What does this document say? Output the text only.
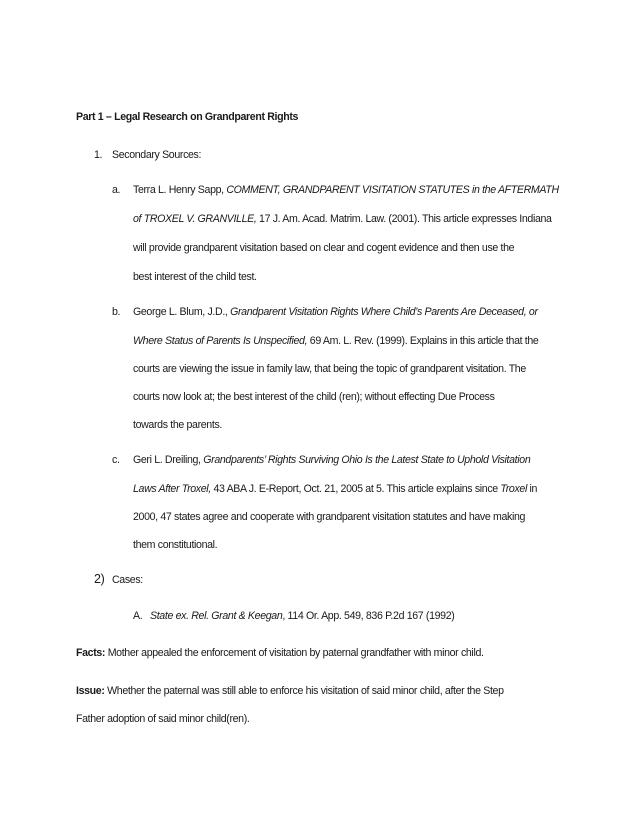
Part 1 – Legal Research on Grandparent Rights
1. Secondary Sources:
a. Terra L. Henry Sapp, COMMENT, GRANDPARENT VISITATION STATUTES in the AFTERMATH
of TROXEL V. GRANVILLE, 17 J. Am. Acad. Matrim. Law. (2001). This article expresses Indiana
will provide grandparent visitation based on clear and cogent evidence and then use the
best interest of the child test.
b. George L. Blum, J.D., Grandparent Visitation Rights Where Child’s Parents Are Deceased, or
Where Status of Parents Is Unspecified, 69 Am. L. Rev. (1999). Explains in this article that the
courts are viewing the issue in family law, that being the topic of grandparent visitation. The
courts now look at; the best interest of the child (ren); without effecting Due Process
towards the parents.
c. Geri L. Dreiling, Grandparents’ Rights Surviving Ohio Is the Latest State to Uphold Visitation
Laws After Troxel, 43 ABA J. E-Report, Oct. 21, 2005 at 5. This article explains since Troxel in
2000, 47 states agree and cooperate with grandparent visitation statutes and have making
them constitutional.
2) Cases:
A. State ex. Rel. Grant & Keegan, 114 Or. App. 549, 836 P.2d 167 (1992)
Facts: Mother appealed the enforcement of visitation by paternal grandfather with minor child.
Issue: Whether the paternal was still able to enforce his visitation of said minor child, after the Step
Father adoption of said minor child(ren).
